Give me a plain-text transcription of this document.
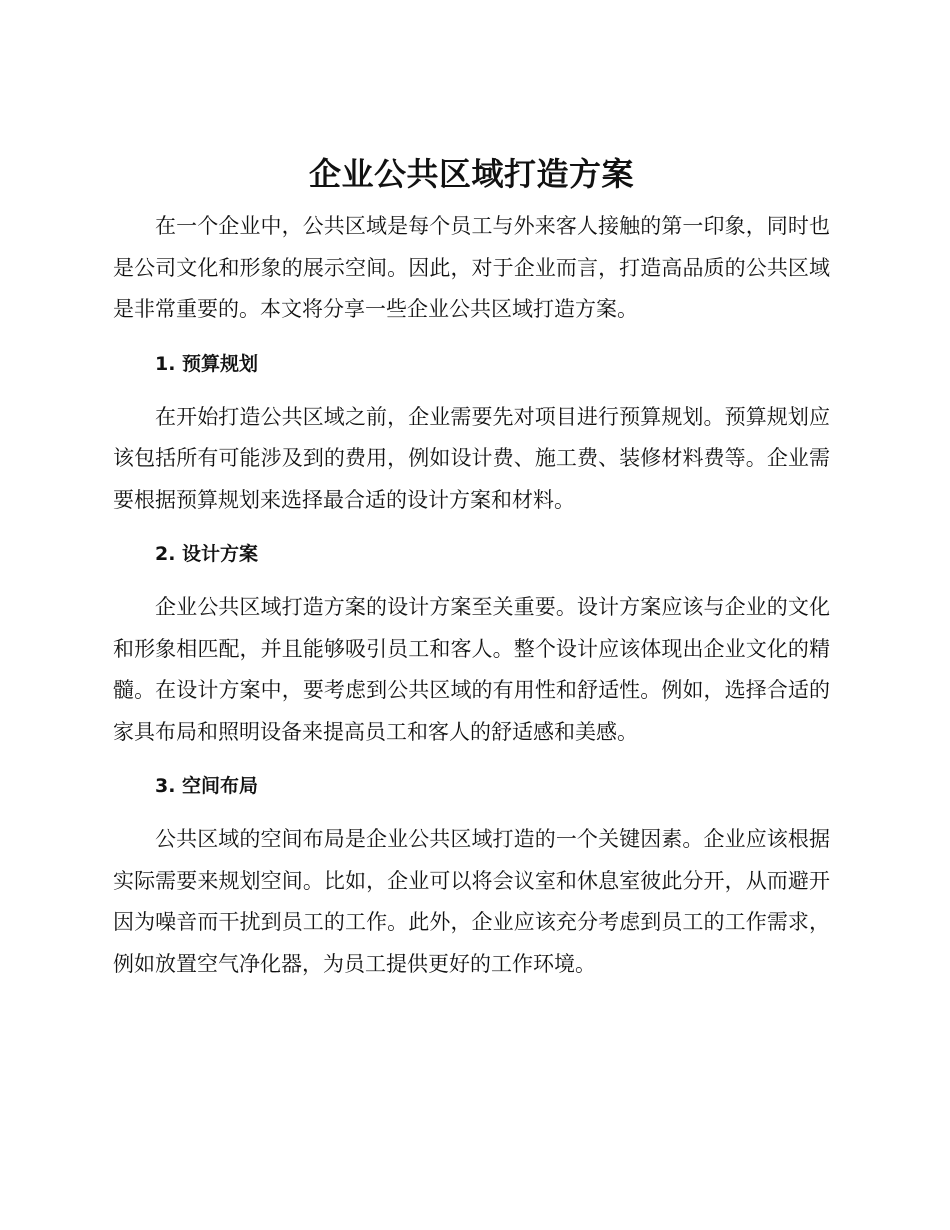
企业公共区域打造方案

在一个企业中，公共区域是每个员工与外来客人接触的第一印象，同时也是公司文化和形象的展示空间。因此，对于企业而言，打造高品质的公共区域是非常重要的。本文将分享一些企业公共区域打造方案。

1. 预算规划

在开始打造公共区域之前，企业需要先对项目进行预算规划。预算规划应该包括所有可能涉及到的费用，例如设计费、施工费、装修材料费等。企业需要根据预算规划来选择最合适的设计方案和材料。

2. 设计方案

企业公共区域打造方案的设计方案至关重要。设计方案应该与企业的文化和形象相匹配，并且能够吸引员工和客人。整个设计应该体现出企业文化的精髓。在设计方案中，要考虑到公共区域的有用性和舒适性。例如，选择合适的家具布局和照明设备来提高员工和客人的舒适感和美感。

3. 空间布局

公共区域的空间布局是企业公共区域打造的一个关键因素。企业应该根据实际需要来规划空间。比如，企业可以将会议室和休息室彼此分开，从而避开因为噪音而干扰到员工的工作。此外，企业应该充分考虑到员工的工作需求，例如放置空气净化器，为员工提供更好的工作环境。
